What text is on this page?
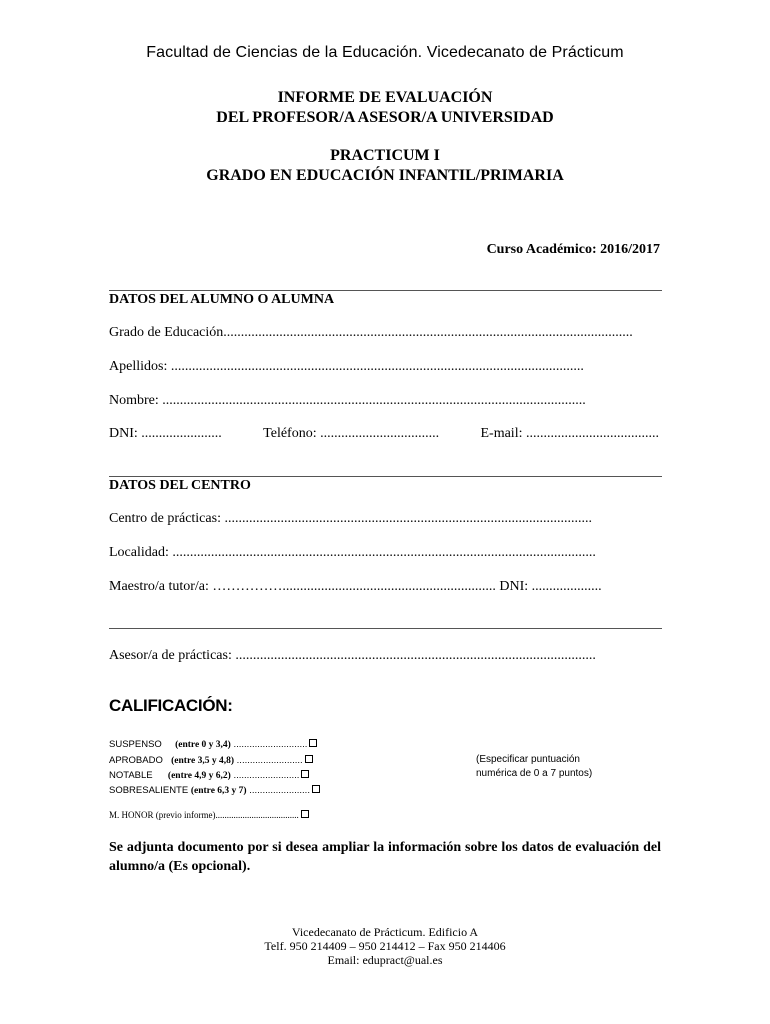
Facultad de Ciencias de la Educación. Vicedecanato de Prácticum
INFORME DE EVALUACIÓN
DEL PROFESOR/A ASESOR/A UNIVERSIDAD
PRACTICUM I
GRADO EN EDUCACIÓN INFANTIL/PRIMARIA
Curso Académico: 2016/2017
DATOS DEL ALUMNO O ALUMNA
Grado de Educación.....................................................................................................................
Apellidos: ......................................................................................................................
Nombre: .........................................................................................................................
DNI: .......................	Teléfono: ..................................	E-mail: ......................................
DATOS DEL CENTRO
Centro de prácticas: .........................................................................................................
Localidad: .........................................................................................................................
Maestro/a tutor/a: ……………............................................................. DNI: ....................
Asesor/a de prácticas: .......................................................................................................
CALIFICACIÓN:
SUSPENSO (entre 0 y 3,4) ............................
APROBADO (entre 3,5 y 4,8) .........................
NOTABLE (entre 4,9 y 6,2) .........................
SOBRESALIENTE (entre 6,3 y 7) .......................
(Especificar puntuación
numérica de 0 a 7 puntos)
M. HONOR (previo informe).....................................
Se adjunta documento por si desea ampliar la información sobre los datos de evaluación del alumno/a (Es opcional).
Vicedecanato de Prácticum. Edificio A
Telf. 950 214409 – 950 214412 – Fax 950 214406
Email: edupract@ual.es
